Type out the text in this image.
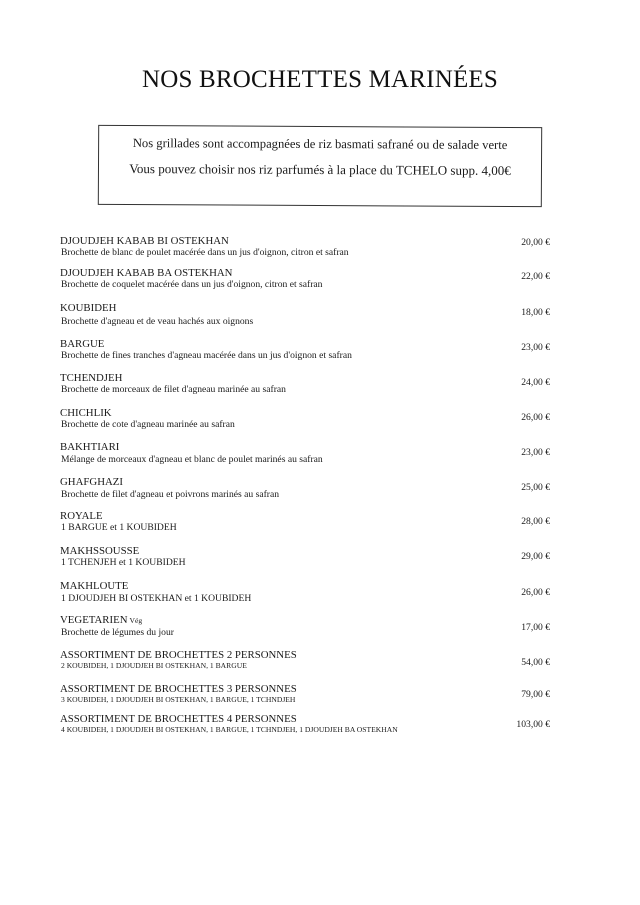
NOS BROCHETTES MARINÉES
Nos grillades sont accompagnées de riz basmati safrané ou de salade verte
Vous pouvez choisir nos riz parfumés à la place du TCHELO supp. 4,00€
DJOUDJEH KABAB BI OSTEKHAN
Brochette de blanc de poulet macérée dans un jus d'oignon, citron et safran
20,00 €
DJOUDJEH KABAB BA OSTEKHAN
Brochette de coquelet macérée dans un jus d'oignon, citron et safran
22,00 €
KOUBIDEH
Brochette d'agneau et de veau hachés aux oignons
18,00 €
BARGUE
Brochette de fines tranches d'agneau macérée dans un jus d'oignon et safran
23,00 €
TCHENDJEH
Brochette de morceaux de filet d'agneau marinée au safran
24,00 €
CHICHLIK
Brochette de cote d'agneau marinée au safran
26,00 €
BAKHTIARI
Mélange de morceaux d'agneau et blanc de poulet marinés au safran
23,00 €
GHAFGHAZI
Brochette de filet d'agneau et poivrons marinés au safran
25,00 €
ROYALE
1 BARGUE et 1 KOUBIDEH
28,00 €
MAKHSSOUSSE
1 TCHENJEH et 1 KOUBIDEH
29,00 €
MAKHLOUTE
1 DJOUDJEH BI OSTEKHAN et 1 KOUBIDEH
26,00 €
VEGETARIEN Vég
Brochette de légumes du jour	17,00 €
ASSORTIMENT DE BROCHETTES 2 PERSONNES
2 KOUBIDEH, 1 DJOUDJEH BI OSTEKHAN, 1 BARGUE	54,00 €
ASSORTIMENT DE BROCHETTES 3 PERSONNES
3 KOUBIDEH, 1 DJOUDJEH BI OSTEKHAN, 1 BARGUE, 1 TCHNDJEH	79,00 €
ASSORTIMENT DE BROCHETTES 4 PERSONNES
4 KOUBIDEH, 1 DJOUDJEH BI OSTEKHAN, 1 BARGUE, 1 TCHNDJEH, 1 DJOUDJEH BA OSTEKHAN	103,00 €
